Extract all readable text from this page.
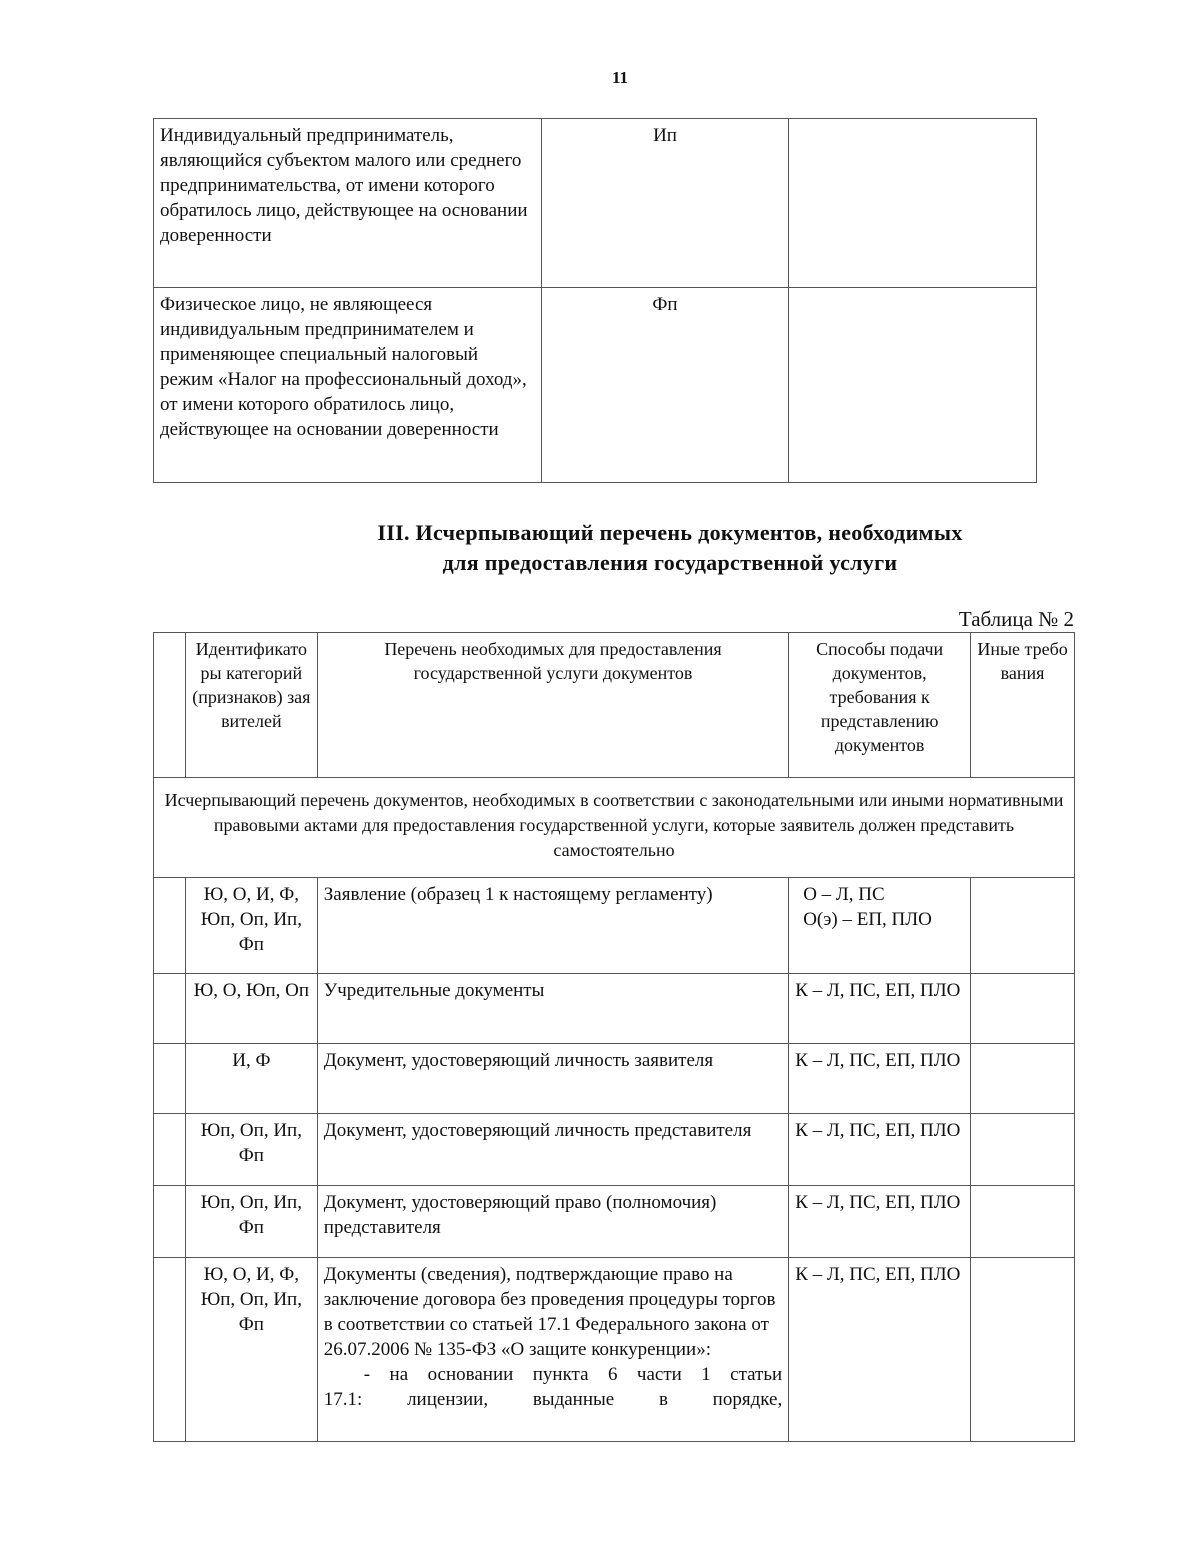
11
Индивидуальный предприниматель, являющийся субъектом малого или среднего предпринимательства, от имени которого обратилось лицо, действующее на основании доверенности	Ип	
Физическое лицо, не являющееся индивидуальным предпринимателем и применяющее специальный налоговый режим «Налог на профессиональный доход», от имени которого обратилось лицо, действующее на основании доверенности	Фп	
III. Исчерпывающий перечень документов, необходимых
для предоставления государственной услуги
Таблица № 2
	Идентификаторы категорий (признаков) заявителей	Перечень необходимых для предоставления государственной услуги документов	Способы подачи документов, требования к представлению документов	Иные требования
Исчерпывающий перечень документов, необходимых в соответствии с законодательными или иными нормативными правовыми актами для предоставления государственной услуги, которые заявитель должен представить самостоятельно				
	Ю, О, И, Ф, Юп, Оп, Ип, Фп	Заявление (образец 1 к настоящему регламенту)	О – Л, ПС
О(э) – ЕП, ПЛО	
	Ю, О, Юп, Оп	Учредительные документы	К – Л, ПС, ЕП, ПЛО	
	И, Ф	Документ, удостоверяющий личность заявителя	К – Л, ПС, ЕП, ПЛО	
	Юп, Оп, Ип, Фп	Документ, удостоверяющий личность представителя	К – Л, ПС, ЕП, ПЛО	
	Юп, Оп, Ип, Фп	Документ, удостоверяющий право (полномочия) представителя	К – Л, ПС, ЕП, ПЛО	
	Ю, О, И, Ф, Юп, Оп, Ип, Фп	Документы (сведения), подтверждающие право на заключение договора без проведения процедуры торгов в соответствии со статьей 17.1 Федерального закона от 26.07.2006 № 135-ФЗ «О защите конкуренции»:
- на основании пункта 6 части 1 статьи
17.1: лицензии, выданные в порядке,	К – Л, ПС, ЕП, ПЛО	
